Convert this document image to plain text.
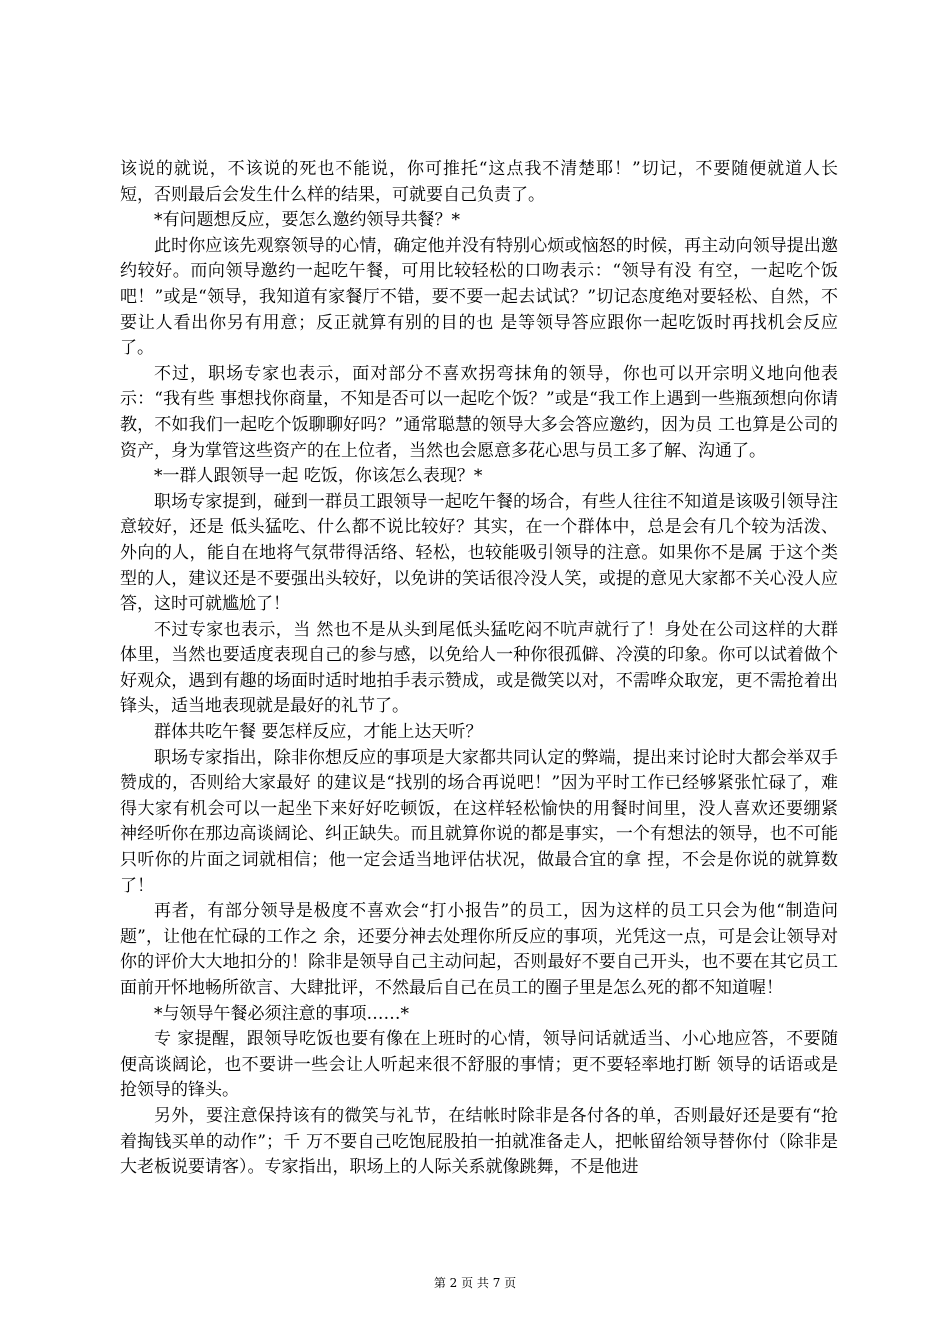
该说的就说，不该说的死也不能说，你可推托“这点我不清楚耶！”切记，不要随便就道人长 短，否则最后会发生什么样的结果，可就要自己负责了。

*有问题想反应，要怎么邀约领导共餐？*

此时你应该先观察领导的心情，确定他并没有特别心烦或恼怒的时候，再主动向领导提出邀约较好。而向领导邀约一起吃午餐，可用比较轻松的口吻表示：“领导有没 有空，一起吃个饭吧！”或是“领导，我知道有家餐厅不错，要不要一起去试试？”切记态度绝对要轻松、自然，不要让人看出你另有用意；反正就算有别的目的也 是等领导答应跟你一起吃饭时再找机会反应了。

不过，职场专家也表示，面对部分不喜欢拐弯抹角的领导，你也可以开宗明义地向他表示：“我有些 事想找你商量，不知是否可以一起吃个饭？”或是“我工作上遇到一些瓶颈想向你请教，不如我们一起吃个饭聊聊好吗？”通常聪慧的领导大多会答应邀约，因为员 工也算是公司的资产，身为掌管这些资产的在上位者，当然也会愿意多花心思与员工多了解、沟通了。

*一群人跟领导一起 吃饭，你该怎么表现？*

职场专家提到，碰到一群员工跟领导一起吃午餐的场合，有些人往往不知道是该吸引领导注意较好，还是 低头猛吃、什么都不说比较好？其实，在一个群体中，总是会有几个较为活泼、外向的人，能自在地将气氛带得活络、轻松，也较能吸引领导的注意。如果你不是属 于这个类型的人，建议还是不要强出头较好，以免讲的笑话很冷没人笑，或提的意见大家都不关心没人应答，这时可就尴尬了！

不过专家也表示，当 然也不是从头到尾低头猛吃闷不吭声就行了！身处在公司这样的大群体里，当然也要适度表现自己的参与感，以免给人一种你很孤僻、冷漠的印象。你可以试着做个 好观众，遇到有趣的场面时适时地拍手表示赞成，或是微笑以对，不需哗众取宠，更不需抢着出锋头，适当地表现就是最好的礼节了。

群体共吃午餐 要怎样反应，才能上达天听？

职场专家指出，除非你想反应的事项是大家都共同认定的弊端，提出来讨论时大都会举双手赞成的，否则给大家最好 的建议是“找别的场合再说吧！”因为平时工作已经够紧张忙碌了，难得大家有机会可以一起坐下来好好吃顿饭，在这样轻松愉快的用餐时间里，没人喜欢还要绷紧 神经听你在那边高谈阔论、纠正缺失。而且就算你说的都是事实，一个有想法的领导，也不可能只听你的片面之词就相信；他一定会适当地评估状况，做最合宜的拿 捏，不会是你说的就算数了！

再者，有部分领导是极度不喜欢会“打小报告”的员工，因为这样的员工只会为他“制造问题”，让他在忙碌的工作之 余，还要分神去处理你所反应的事项，光凭这一点，可是会让领导对你的评价大大地扣分的！除非是领导自己主动问起，否则最好不要自己开头，也不要在其它员工 面前开怀地畅所欲言、大肆批评，不然最后自己在员工的圈子里是怎么死的都不知道喔！

*与领导午餐必须注意的事项……*

专 家提醒，跟领导吃饭也要有像在上班时的心情，领导问话就适当、小心地应答，不要随便高谈阔论，也不要讲一些会让人听起来很不舒服的事情；更不要轻率地打断 领导的话语或是抢领导的锋头。

另外，要注意保持该有的微笑与礼节，在结帐时除非是各付各的单，否则最好还是要有“抢着掏钱买单的动作”；千 万不要自己吃饱屁股拍一拍就准备走人，把帐留给领导替你付（除非是大老板说要请客）。专家指出，职场上的人际关系就像跳舞，不是他进

第 2 页 共 7 页
